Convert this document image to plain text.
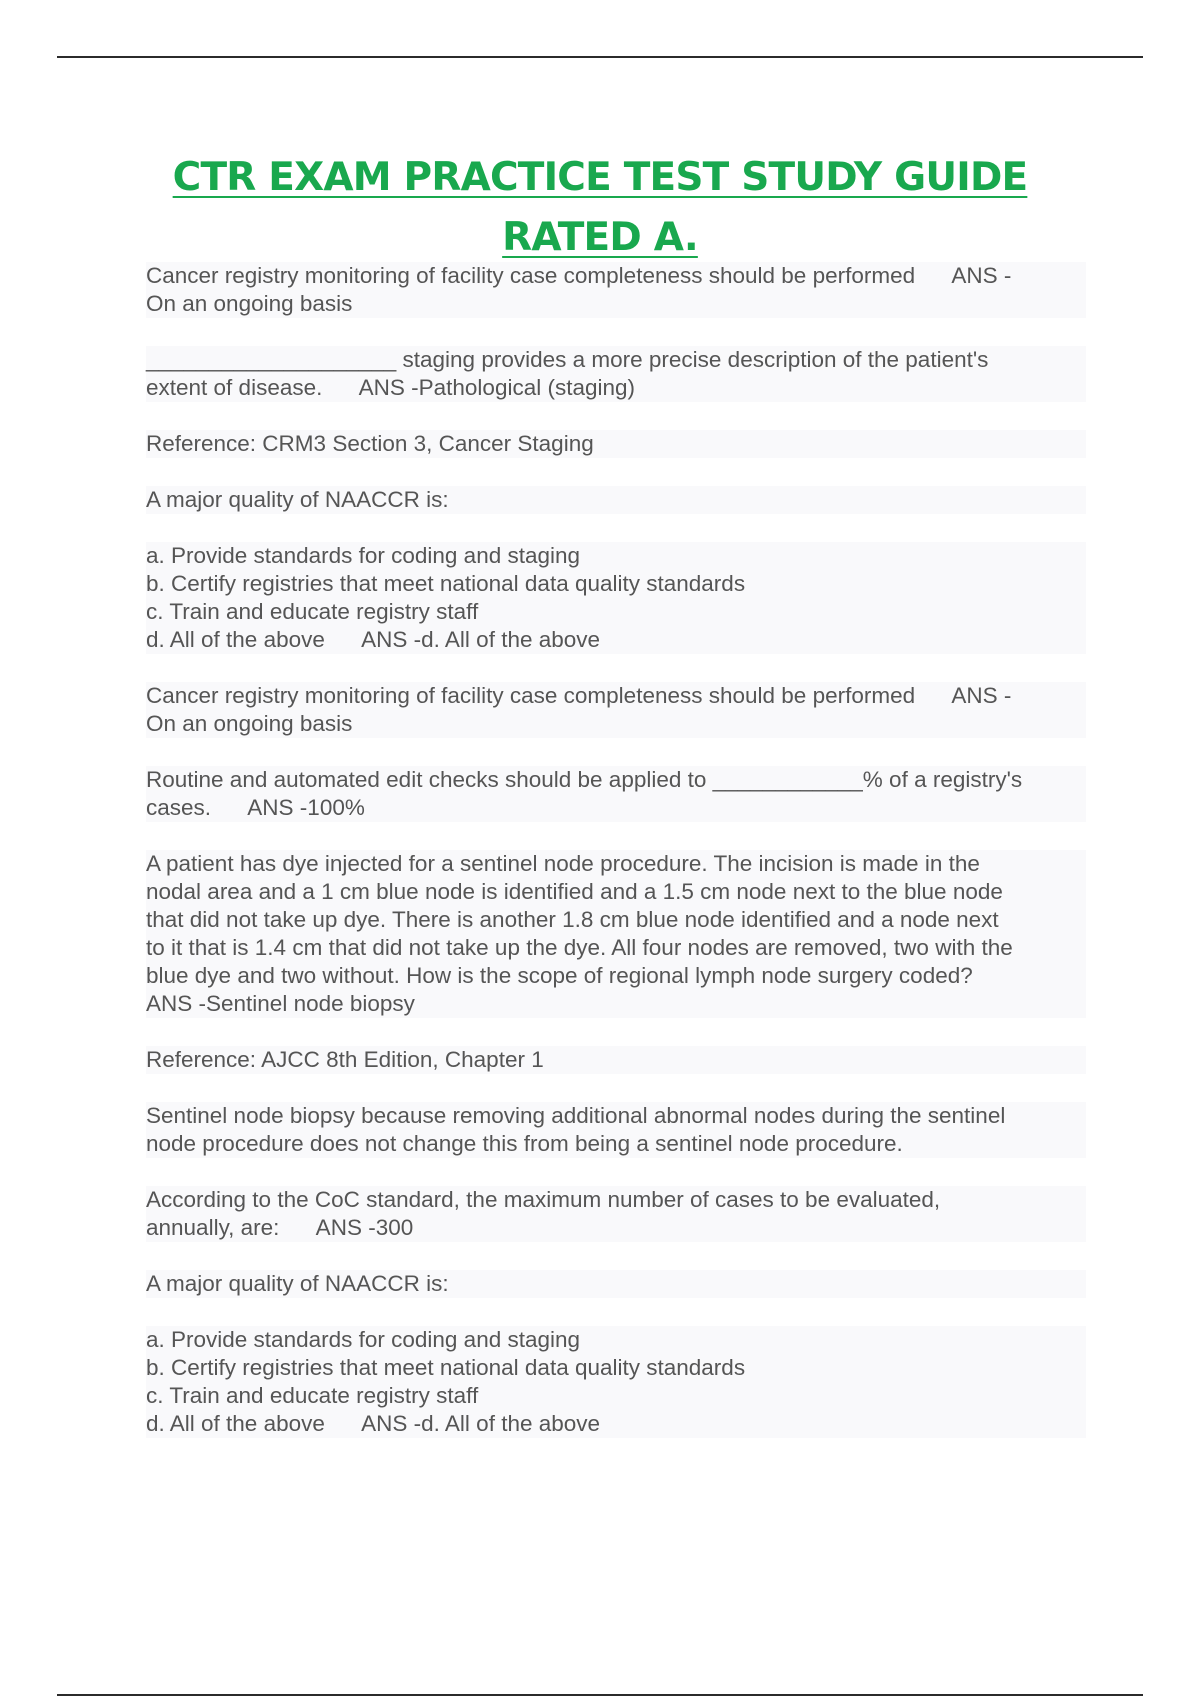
CTR EXAM PRACTICE TEST STUDY GUIDE
RATED A.

Cancer registry monitoring of facility case completeness should be performed      ANS -
On an ongoing basis

____________________ staging provides a more precise description of the patient's
extent of disease.      ANS -Pathological (staging)

Reference: CRM3 Section 3, Cancer Staging

A major quality of NAACCR is:

a. Provide standards for coding and staging
b. Certify registries that meet national data quality standards
c. Train and educate registry staff
d. All of the above      ANS -d. All of the above

Cancer registry monitoring of facility case completeness should be performed      ANS -
On an ongoing basis

Routine and automated edit checks should be applied to ____________% of a registry's
cases.      ANS -100%

A patient has dye injected for a sentinel node procedure. The incision is made in the
nodal area and a 1 cm blue node is identified and a 1.5 cm node next to the blue node
that did not take up dye. There is another 1.8 cm blue node identified and a node next
to it that is 1.4 cm that did not take up the dye. All four nodes are removed, two with the
blue dye and two without. How is the scope of regional lymph node surgery coded?
ANS -Sentinel node biopsy

Reference: AJCC 8th Edition, Chapter 1

Sentinel node biopsy because removing additional abnormal nodes during the sentinel
node procedure does not change this from being a sentinel node procedure.

According to the CoC standard, the maximum number of cases to be evaluated,
annually, are:      ANS -300

A major quality of NAACCR is:

a. Provide standards for coding and staging
b. Certify registries that meet national data quality standards
c. Train and educate registry staff
d. All of the above      ANS -d. All of the above
